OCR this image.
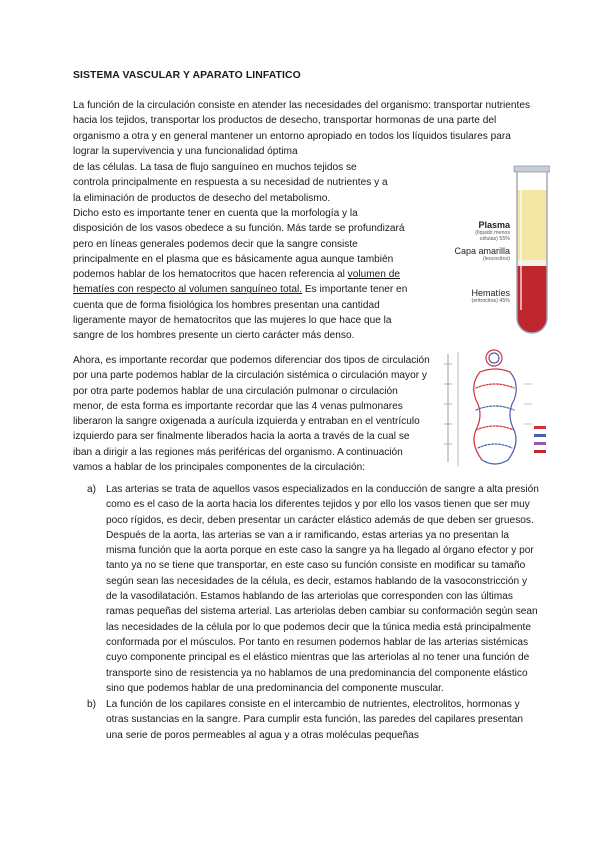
SISTEMA VASCULAR Y APARATO LINFATICO
La función de la circulación consiste en atender las necesidades del organismo: transportar nutrientes hacia los tejidos, transportar los productos de desecho, transportar hormonas de una parte del organismo a otra y en general mantener un entorno apropiado en todos los líquidos tisulares para lograr la supervivencia y una funcionalidad óptima
de las células. La tasa de flujo sanguíneo en muchos tejidos se controla principalmente en respuesta a su necesidad de nutrientes y a la eliminación de productos de desecho del metabolismo.
Dicho esto es importante tener en cuenta que la morfología y la disposición de los vasos obedece a su función. Más tarde se profundizará pero en líneas generales podemos decir que la sangre consiste principalmente en el plasma que es básicamente agua aunque también podemos hablar de los hematocritos que hacen referencia al volumen de hematíes con respecto al volumen sanguíneo total. Es importante tener en cuenta que de forma fisiológica los hombres presentan una cantidad ligeramente mayor de hematocritos que las mujeres lo que hace que la sangre de los hombres presente un cierto carácter más denso.
Ahora, es importante recordar que podemos diferenciar dos tipos de circulación por una parte podemos hablar de la circulación sistémica o circulación mayor y por otra parte podemos hablar de una circulación pulmonar o circulación menor, de esta forma es importante recordar que las 4 venas pulmonares liberaron la sangre oxigenada a aurícula izquierda y entraban en el ventrículo izquierdo para ser finalmente liberados hacia la aorta a través de la cual se iban a dirigir a las regiones más periféricas del organismo. A continuación vamos a hablar de los principales componentes de la circulación:
a) Las arterias se trata de aquellos vasos especializados en la conducción de sangre a alta presión como es el caso de la aorta hacia los diferentes tejidos y por ello los vasos tienen que ser muy poco rígidos, es decir, deben presentar un carácter elástico además de que deben ser gruesos. Después de la aorta, las arterias se van a ir ramificando, estas arterias ya no presentan la misma función que la aorta porque en este caso la sangre ya ha llegado al órgano efector y por tanto ya no se tiene que transportar, en este caso su función consiste en modificar su tamaño según sean las necesidades de la célula, es decir, estamos hablando de la vasoconstricción y de la vasodilatación. Estamos hablando de las arteriolas que corresponden con las últimas ramas pequeñas del sistema arterial. Las arteriolas deben cambiar su conformación según sean las necesidades de la célula por lo que podemos decir que la túnica media está principalmente conformada por el músculos. Por tanto en resumen podemos hablar de las arterias sistémicas cuyo componente principal es el elástico mientras que las arteriolas al no tener una función de transporte sino de resistencia ya no hablamos de una predominancia del componente elástico sino que podemos hablar de una predominancia del componente muscular.
b) La función de los capilares consiste en el intercambio de nutrientes, electrolitos, hormonas y otras sustancias en la sangre. Para cumplir esta función, las paredes del capilares presentan una serie de poros permeables al agua y a otras moléculas pequeñas
Plasma
(líquido menos
células) 55%
Capa amarilla
(leucocitos)
Hematíes
(eritrocitos) 45%
